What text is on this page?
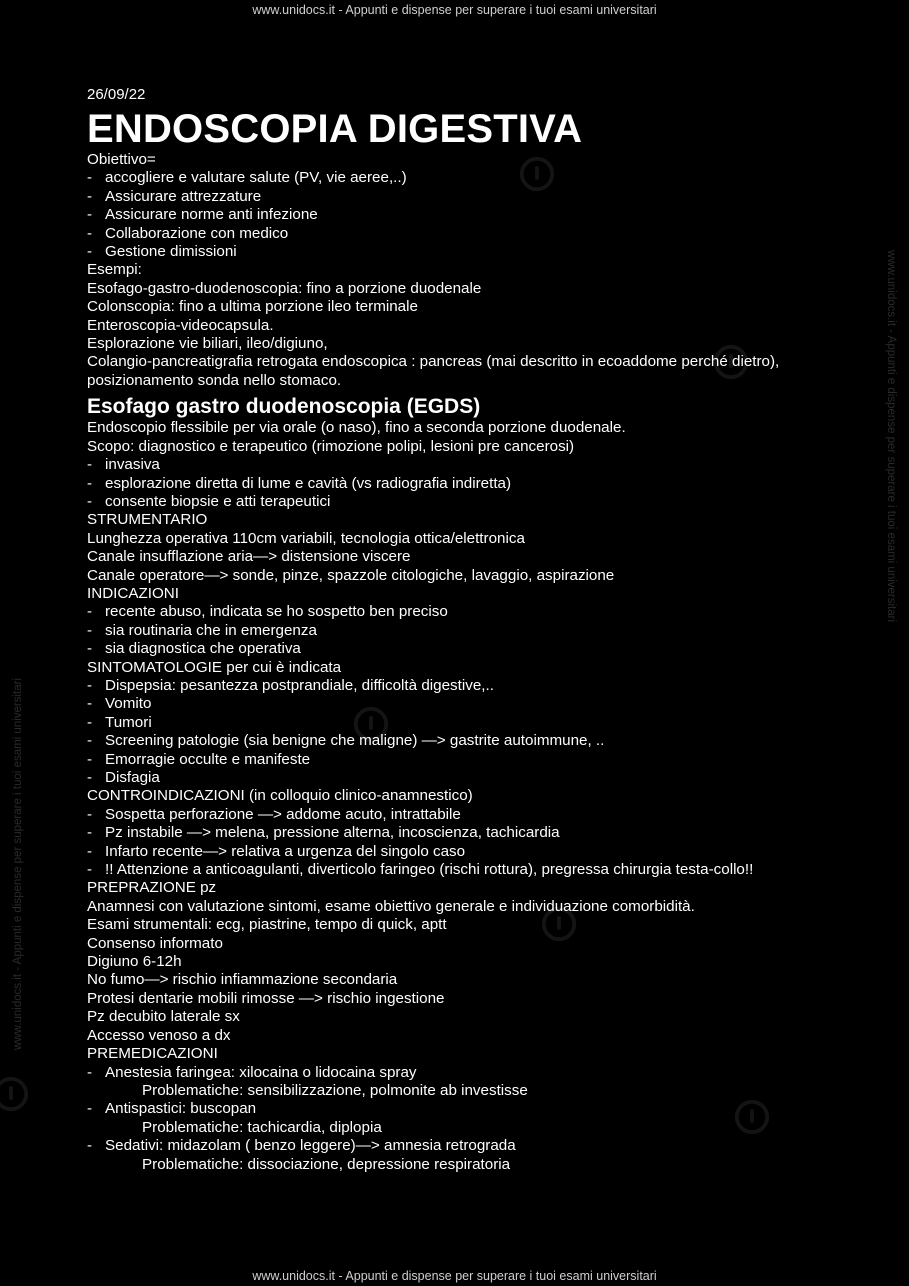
www.unidocs.it - Appunti e dispense per superare i tuoi esami universitari
www.unidocs.it - Appunti e dispense per superare i tuoi esami universitari
www.unidocs.it - Appunti e dispense per superare i tuoi esami universitari
www.unidocs.it - Appunti e dispense per superare i tuoi esami universitari
26/09/22
ENDOSCOPIA DIGESTIVA
Obiettivo=
- accogliere e valutare salute (PV, vie aeree,..)
- Assicurare attrezzature
- Assicurare norme anti infezione
- Collaborazione con medico
- Gestione dimissioni
Esempi:
Esofago-gastro-duodenoscopia: fino a porzione duodenale
Colonscopia: fino a ultima porzione ileo terminale
Enteroscopia-videocapsula.
Esplorazione vie biliari, ileo/digiuno,
Colangio-pancreatigrafia retrogata endoscopica : pancreas (mai descritto in ecoaddome perché dietro), posizionamento sonda nello stomaco.
Esofago gastro duodenoscopia (EGDS)
Endoscopio flessibile per via orale (o naso), fino a seconda porzione duodenale.
Scopo: diagnostico e terapeutico (rimozione polipi, lesioni pre cancerosi)
- invasiva
- esplorazione diretta di lume e cavità (vs radiografia indiretta)
- consente biopsie e atti terapeutici
STRUMENTARIO
Lunghezza operativa 110cm variabili, tecnologia ottica/elettronica
Canale insufflazione aria—> distensione viscere
Canale operatore—> sonde, pinze, spazzole citologiche, lavaggio, aspirazione
INDICAZIONI
- recente abuso, indicata se ho sospetto ben preciso
- sia routinaria che in emergenza
- sia diagnostica che operativa
SINTOMATOLOGIE per cui è indicata
- Dispepsia: pesantezza postprandiale, difficoltà digestive,..
- Vomito
- Tumori
- Screening patologie (sia benigne che maligne) —> gastrite autoimmune, ..
- Emorragie occulte e manifeste
- Disfagia
CONTROINDICAZIONI (in colloquio clinico-anamnestico)
- Sospetta perforazione —> addome acuto, intrattabile
- Pz instabile —> melena, pressione alterna, incoscienza, tachicardia
- Infarto recente—> relativa a urgenza del singolo caso
- !! Attenzione a anticoagulanti, diverticolo faringeo (rischi rottura), pregressa chirurgia testa-collo!!
PREPRAZIONE pz
Anamnesi con valutazione sintomi, esame obiettivo generale e individuazione comorbidità.
Esami strumentali: ecg, piastrine, tempo di quick, aptt
Consenso informato
Digiuno 6-12h
No fumo—> rischio infiammazione secondaria
Protesi dentarie mobili rimosse —> rischio ingestione
Pz decubito laterale sx
Accesso venoso a dx
PREMEDICAZIONI
- Anestesia faringea: xilocaina o lidocaina spray
Problematiche: sensibilizzazione, polmonite ab investisse
- Antispastici: buscopan
Problematiche: tachicardia, diplopia
- Sedativi: midazolam ( benzo leggere)—> amnesia retrograda
Problematiche: dissociazione, depressione respiratoria
